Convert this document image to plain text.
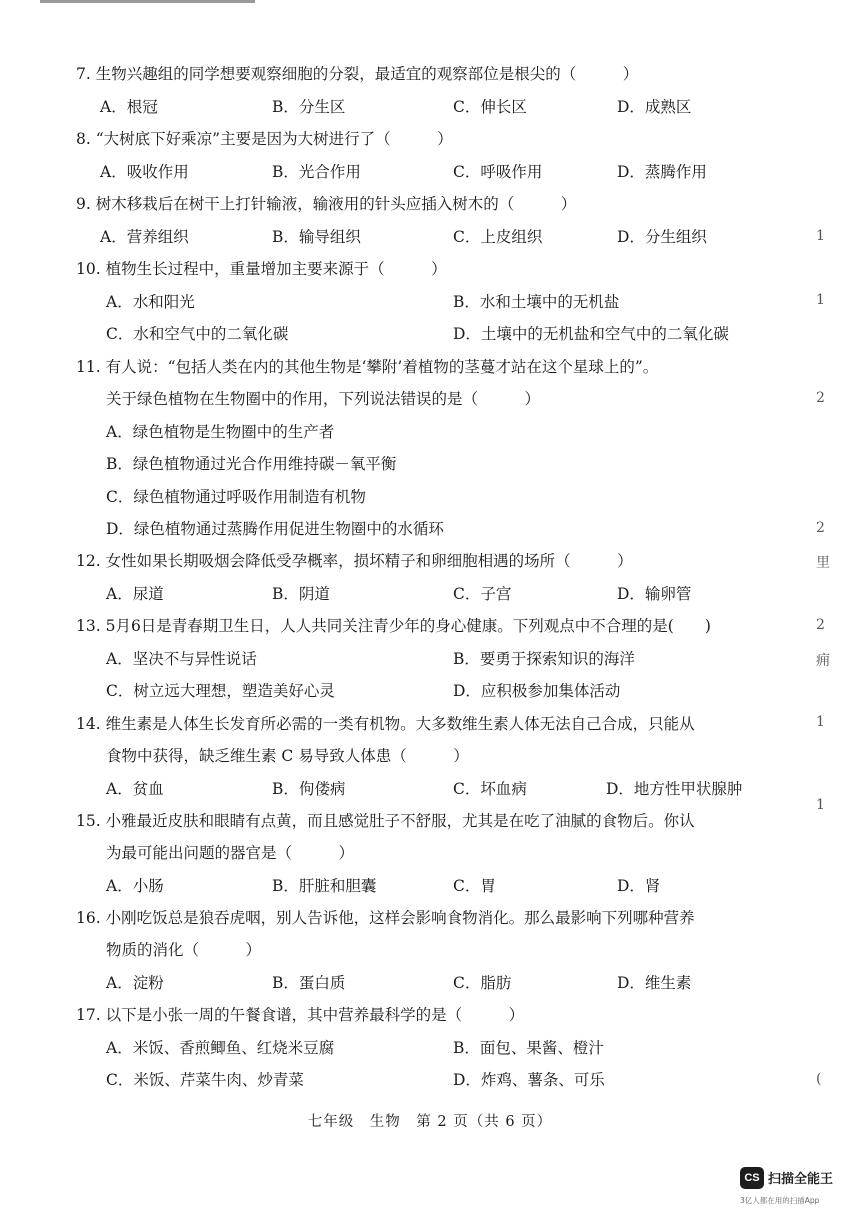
7. 生物兴趣组的同学想要观察细胞的分裂，最适宜的观察部位是根尖的（　　　）
A．根冠	B．分生区	C．伸长区	D．成熟区
8. “大树底下好乘凉”主要是因为大树进行了（　　　）
A．吸收作用	B．光合作用	C．呼吸作用	D．蒸腾作用
9. 树木移栽后在树干上打针输液，输液用的针头应插入树木的（　　　）
A．营养组织	B．输导组织	C．上皮组织	D．分生组织
10. 植物生长过程中，重量增加主要来源于（　　　）
A．水和阳光	B．水和土壤中的无机盐
C．水和空气中的二氧化碳	D．土壤中的无机盐和空气中的二氧化碳
11. 有人说：“包括人类在内的其他生物是‘攀附’着植物的茎蔓才站在这个星球上的”。
关于绿色植物在生物圈中的作用，下列说法错误的是（　　　）
A．绿色植物是生物圈中的生产者
B．绿色植物通过光合作用维持碳－氧平衡
C．绿色植物通过呼吸作用制造有机物
D．绿色植物通过蒸腾作用促进生物圈中的水循环
12. 女性如果长期吸烟会降低受孕概率，损坏精子和卵细胞相遇的场所（　　　）
A．尿道	B．阴道	C．子宫	D．输卵管
13. 5月6日是青春期卫生日，人人共同关注青少年的身心健康。下列观点中不合理的是(　　)
A．坚决不与异性说话	B．要勇于探索知识的海洋
C．树立远大理想，塑造美好心灵	D．应积极参加集体活动
14. 维生素是人体生长发育所必需的一类有机物。大多数维生素人体无法自己合成，只能从
食物中获得，缺乏维生素 C 易导致人体患（　　　）
A．贫血	B．佝偻病	C．坏血病	D．地方性甲状腺肿
15. 小雅最近皮肤和眼睛有点黄，而且感觉肚子不舒服，尤其是在吃了油腻的食物后。你认
为最可能出问题的器官是（　　　）
A．小肠	B．肝脏和胆囊	C．胃	D．肾
16. 小刚吃饭总是狼吞虎咽，别人告诉他，这样会影响食物消化。那么最影响下列哪种营养
物质的消化（　　　）
A．淀粉	B．蛋白质	C．脂肪	D．维生素
17. 以下是小张一周的午餐食谱，其中营养最科学的是（　　　）
A．米饭、香煎鲫鱼、红烧米豆腐	B．面包、果酱、橙汁
C．米饭、芹菜牛肉、炒青菜	D．炸鸡、薯条、可乐
七年级　生物　第 2 页（共 6 页）
1
1
2
2
里
2
痈
1
1
(
CS 扫描全能王
3亿人都在用的扫描App
